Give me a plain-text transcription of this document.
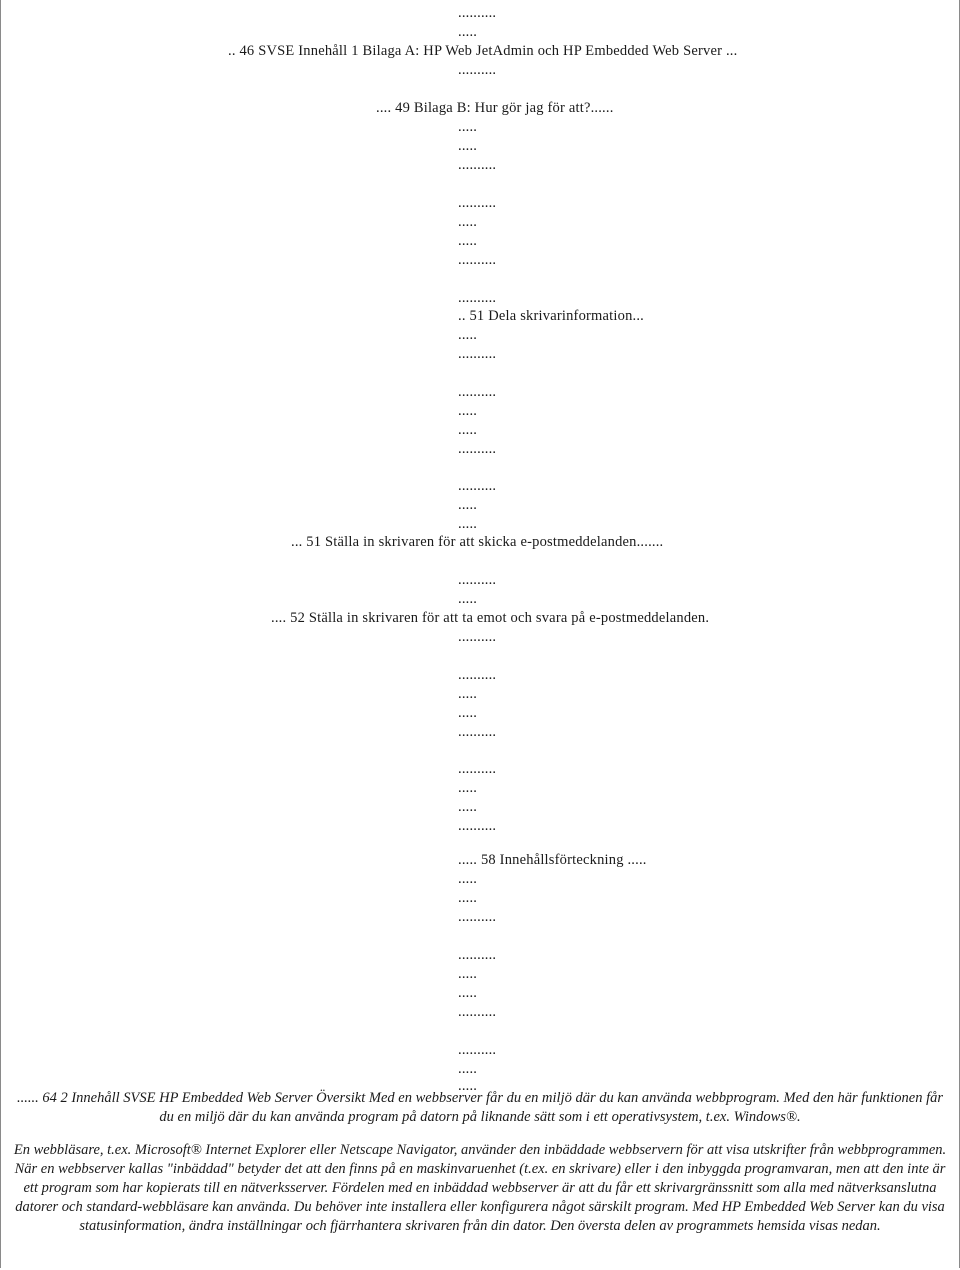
..........
.....
.. 46 SVSE Innehåll 1 Bilaga A: HP Web JetAdmin och HP Embedded Web Server ...
..........
.... 49 Bilaga B: Hur gör jag för att?......
.....
.....
..........
..........
.....
.....
..........
..........
.. 51 Dela skrivarinformation...
.....
..........
..........
.....
.....
..........
..........
.....
.....
... 51 Ställa in skrivaren för att skicka e-postmeddelanden.......
..........
.....
.... 52 Ställa in skrivaren för att ta emot och svara på e-postmeddelanden.
..........
..........
.....
.....
..........
..........
.....
.....
..........
..... 58 Innehållsförteckning .....
.....
.....
..........
..........
.....
.....
..........
..........
.....
.....

...... 64 2 Innehåll SVSE HP Embedded Web Server Översikt Med en webbserver får du en miljö där du kan använda webbprogram. Med den här funktionen får du en miljö där du kan använda program på datorn på liknande sätt som i ett operativsystem, t.ex. Windows®.

En webbläsare, t.ex. Microsoft® Internet Explorer eller Netscape Navigator, använder den inbäddade webbservern för att visa utskrifter från webbprogrammen. När en webbserver kallas "inbäddad" betyder det att den finns på en maskinvaruenhet (t.ex. en skrivare) eller i den inbyggda programvaran, men att den inte är ett program som har kopierats till en nätverksserver. Fördelen med en inbäddad webbserver är att du får ett skrivargränssnitt som alla med nätverksanslutna datorer och standard-webbläsare kan använda. Du behöver inte installera eller konfigurera något särskilt program. Med HP Embedded Web Server kan du visa statusinformation, ändra inställningar och fjärrhantera skrivaren från din dator. Den översta delen av programmets hemsida visas nedan.
